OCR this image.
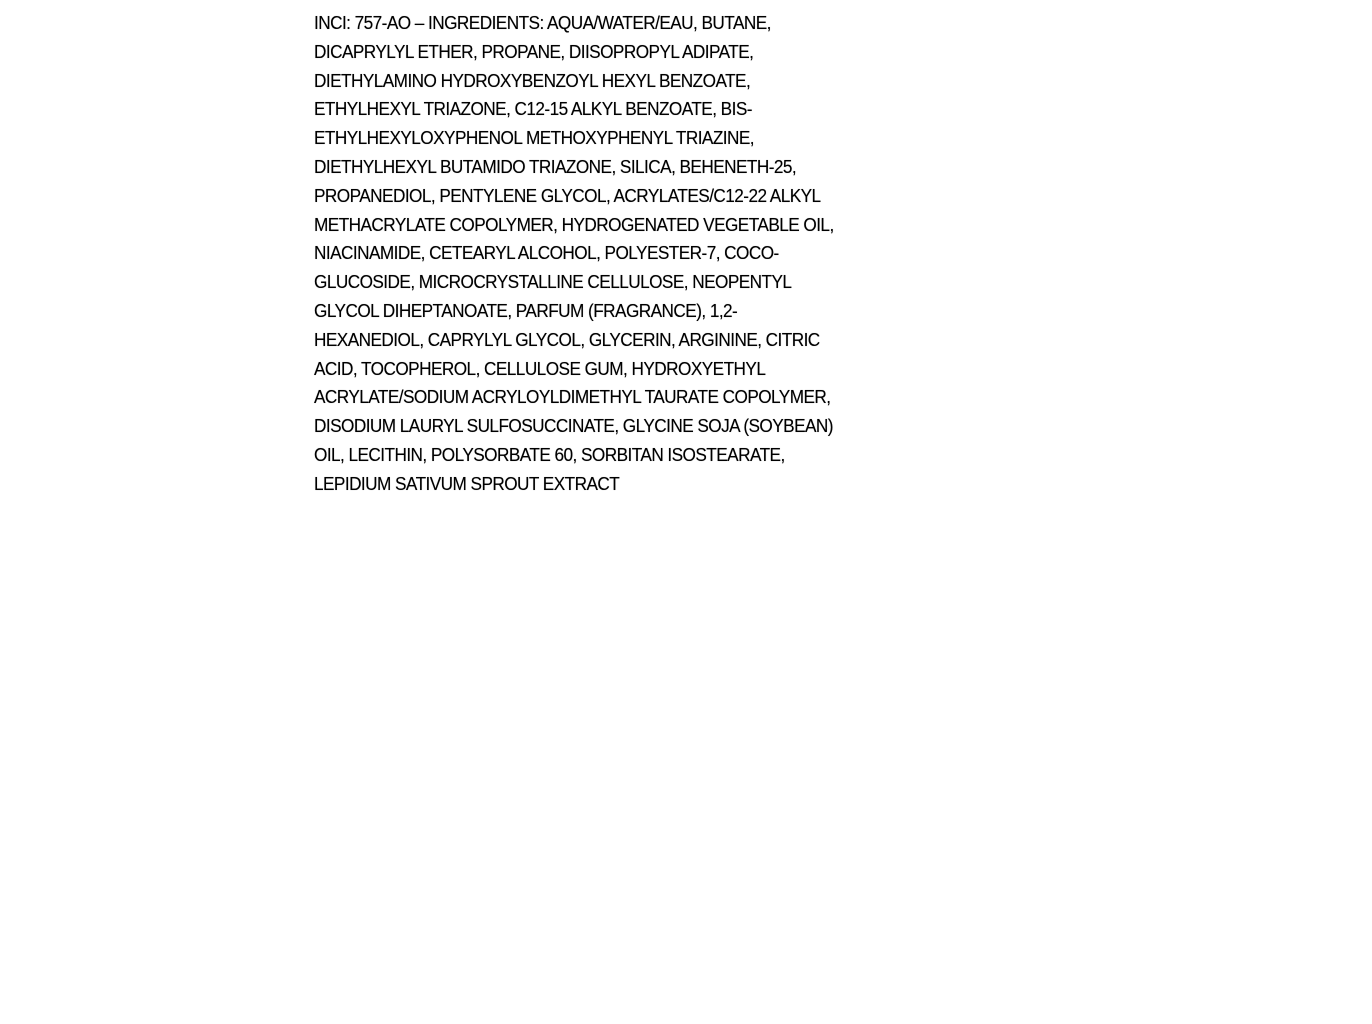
INCI: 757-AO – INGREDIENTS: AQUA/WATER/EAU, BUTANE,
DICAPRYLYL ETHER, PROPANE, DIISOPROPYL ADIPATE,
DIETHYLAMINO HYDROXYBENZOYL HEXYL BENZOATE,
ETHYLHEXYL TRIAZONE, C12-15 ALKYL BENZOATE, BIS-
ETHYLHEXYLOXYPHENOL METHOXYPHENYL TRIAZINE,
DIETHYLHEXYL BUTAMIDO TRIAZONE, SILICA, BEHENETH-25,
PROPANEDIOL, PENTYLENE GLYCOL, ACRYLATES/C12-22 ALKYL
METHACRYLATE COPOLYMER, HYDROGENATED VEGETABLE OIL,
NIACINAMIDE, CETEARYL ALCOHOL, POLYESTER-7, COCO-
GLUCOSIDE, MICROCRYSTALLINE CELLULOSE, NEOPENTYL
GLYCOL DIHEPTANOATE, PARFUM (FRAGRANCE), 1,2-
HEXANEDIOL, CAPRYLYL GLYCOL, GLYCERIN, ARGININE, CITRIC
ACID, TOCOPHEROL, CELLULOSE GUM, HYDROXYETHYL
ACRYLATE/SODIUM ACRYLOYLDIMETHYL TAURATE COPOLYMER,
DISODIUM LAURYL SULFOSUCCINATE, GLYCINE SOJA (SOYBEAN)
OIL, LECITHIN, POLYSORBATE 60, SORBITAN ISOSTEARATE,
LEPIDIUM SATIVUM SPROUT EXTRACT
